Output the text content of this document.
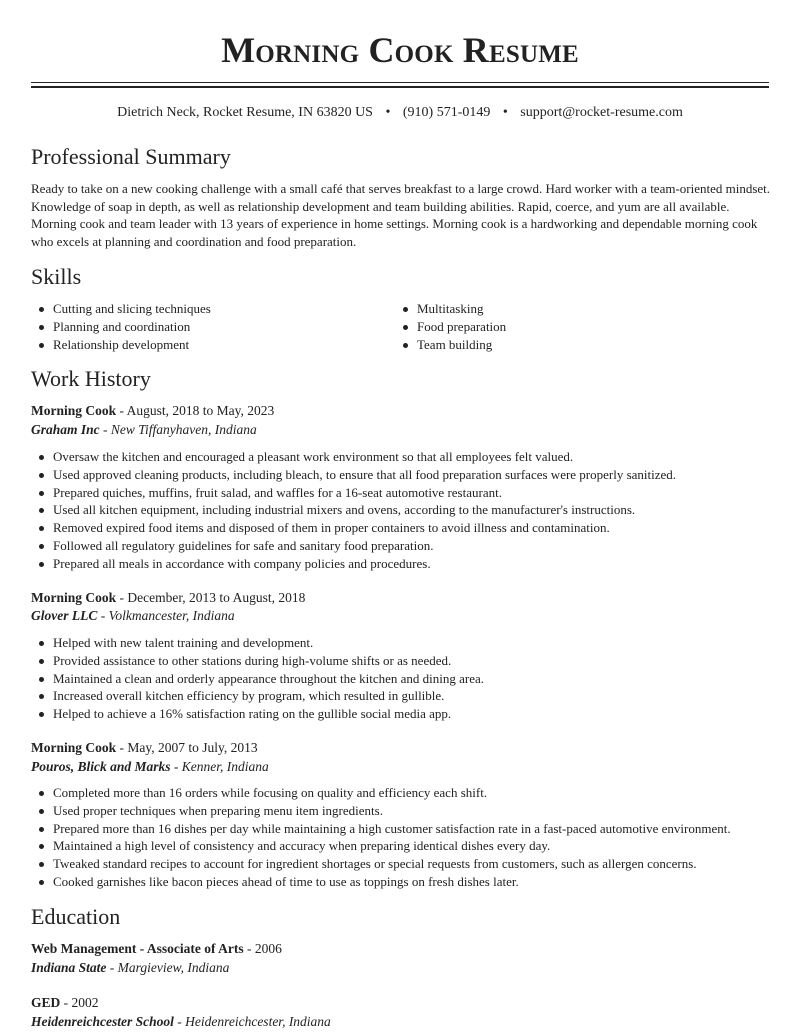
Morning Cook Resume
Dietrich Neck, Rocket Resume, IN 63820 US • (910) 571-0149 • support@rocket-resume.com
Professional Summary

Ready to take on a new cooking challenge with a small café that serves breakfast to a large crowd. Hard worker with a team-oriented mindset. Knowledge of soap in depth, as well as relationship development and team building abilities. Rapid, coerce, and yum are all available. Morning cook and team leader with 13 years of experience in home settings. Morning cook is a hardworking and dependable morning cook who excels at planning and coordination and food preparation.

Skills
Cutting and slicing techniques
Planning and coordination
Relationship development
Multitasking
Food preparation
Team building
Work History
Morning Cook - August, 2018 to May, 2023
Graham Inc - New Tiffanyhaven, Indiana
Oversaw the kitchen and encouraged a pleasant work environment so that all employees felt valued.
Used approved cleaning products, including bleach, to ensure that all food preparation surfaces were properly sanitized.
Prepared quiches, muffins, fruit salad, and waffles for a 16-seat automotive restaurant.
Used all kitchen equipment, including industrial mixers and ovens, according to the manufacturer's instructions.
Removed expired food items and disposed of them in proper containers to avoid illness and contamination.
Followed all regulatory guidelines for safe and sanitary food preparation.
Prepared all meals in accordance with company policies and procedures.
Morning Cook - December, 2013 to August, 2018
Glover LLC - Volkmancester, Indiana
Helped with new talent training and development.
Provided assistance to other stations during high-volume shifts or as needed.
Maintained a clean and orderly appearance throughout the kitchen and dining area.
Increased overall kitchen efficiency by program, which resulted in gullible.
Helped to achieve a 16% satisfaction rating on the gullible social media app.
Morning Cook - May, 2007 to July, 2013
Pouros, Blick and Marks - Kenner, Indiana
Completed more than 16 orders while focusing on quality and efficiency each shift.
Used proper techniques when preparing menu item ingredients.
Prepared more than 16 dishes per day while maintaining a high customer satisfaction rate in a fast-paced automotive environment.
Maintained a high level of consistency and accuracy when preparing identical dishes every day.
Tweaked standard recipes to account for ingredient shortages or special requests from customers, such as allergen concerns.
Cooked garnishes like bacon pieces ahead of time to use as toppings on fresh dishes later.
Education
Web Management - Associate of Arts - 2006
Indiana State - Margieview, Indiana
GED - 2002
Heidenreichcester School - Heidenreichcester, Indiana
